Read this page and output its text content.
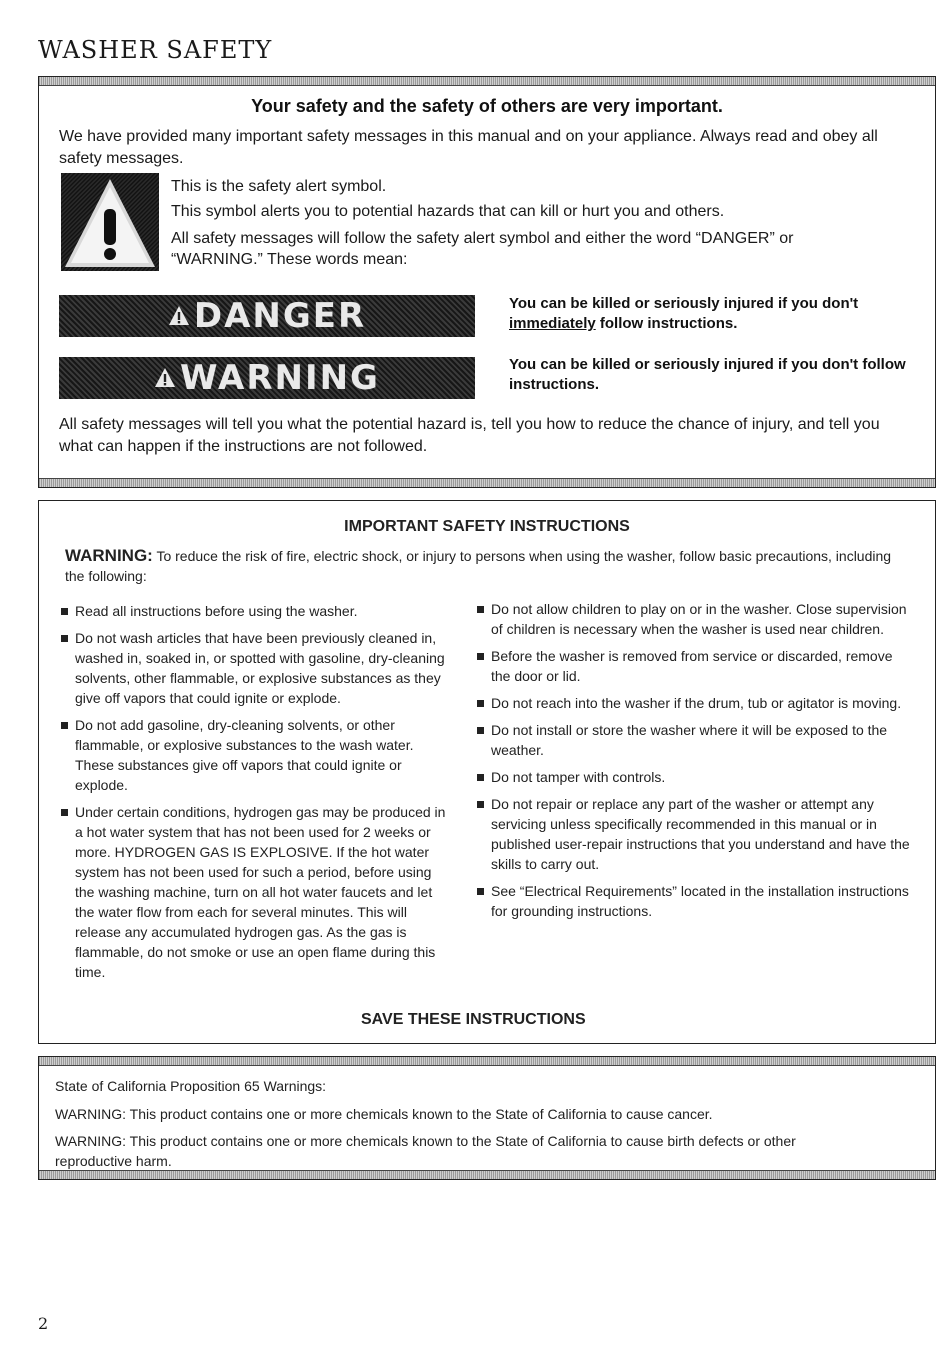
WASHER SAFETY

Your safety and the safety of others are very important.

We have provided many important safety messages in this manual and on your appliance. Always read and obey all safety messages.

This is the safety alert symbol.

This symbol alerts you to potential hazards that can kill or hurt you and others.

All safety messages will follow the safety alert symbol and either the word “DANGER” or “WARNING.” These words mean:

DANGER	You can be killed or seriously injured if you don't immediately follow instructions.

WARNING	You can be killed or seriously injured if you don't follow instructions.

All safety messages will tell you what the potential hazard is, tell you how to reduce the chance of injury, and tell you what can happen if the instructions are not followed.

IMPORTANT SAFETY INSTRUCTIONS

WARNING: To reduce the risk of fire, electric shock, or injury to persons when using the washer, follow basic precautions, including the following:

Read all instructions before using the washer.
Do not wash articles that have been previously cleaned in, washed in, soaked in, or spotted with gasoline, dry-cleaning solvents, other flammable, or explosive substances as they give off vapors that could ignite or explode.
Do not add gasoline, dry-cleaning solvents, or other flammable, or explosive substances to the wash water. These substances give off vapors that could ignite or explode.
Under certain conditions, hydrogen gas may be produced in a hot water system that has not been used for 2 weeks or more. HYDROGEN GAS IS EXPLOSIVE. If the hot water system has not been used for such a period, before using the washing machine, turn on all hot water faucets and let the water flow from each for several minutes. This will release any accumulated hydrogen gas. As the gas is flammable, do not smoke or use an open flame during this time.
Do not allow children to play on or in the washer. Close supervision of children is necessary when the washer is used near children.
Before the washer is removed from service or discarded, remove the door or lid.
Do not reach into the washer if the drum, tub or agitator is moving.
Do not install or store the washer where it will be exposed to the weather.
Do not tamper with controls.
Do not repair or replace any part of the washer or attempt any servicing unless specifically recommended in this manual or in published user-repair instructions that you understand and have the skills to carry out.
See “Electrical Requirements” located in the installation instructions for grounding instructions.

SAVE THESE INSTRUCTIONS

State of California Proposition 65 Warnings:

WARNING: This product contains one or more chemicals known to the State of California to cause cancer.

WARNING: This product contains one or more chemicals known to the State of California to cause birth defects or other reproductive harm.

2
